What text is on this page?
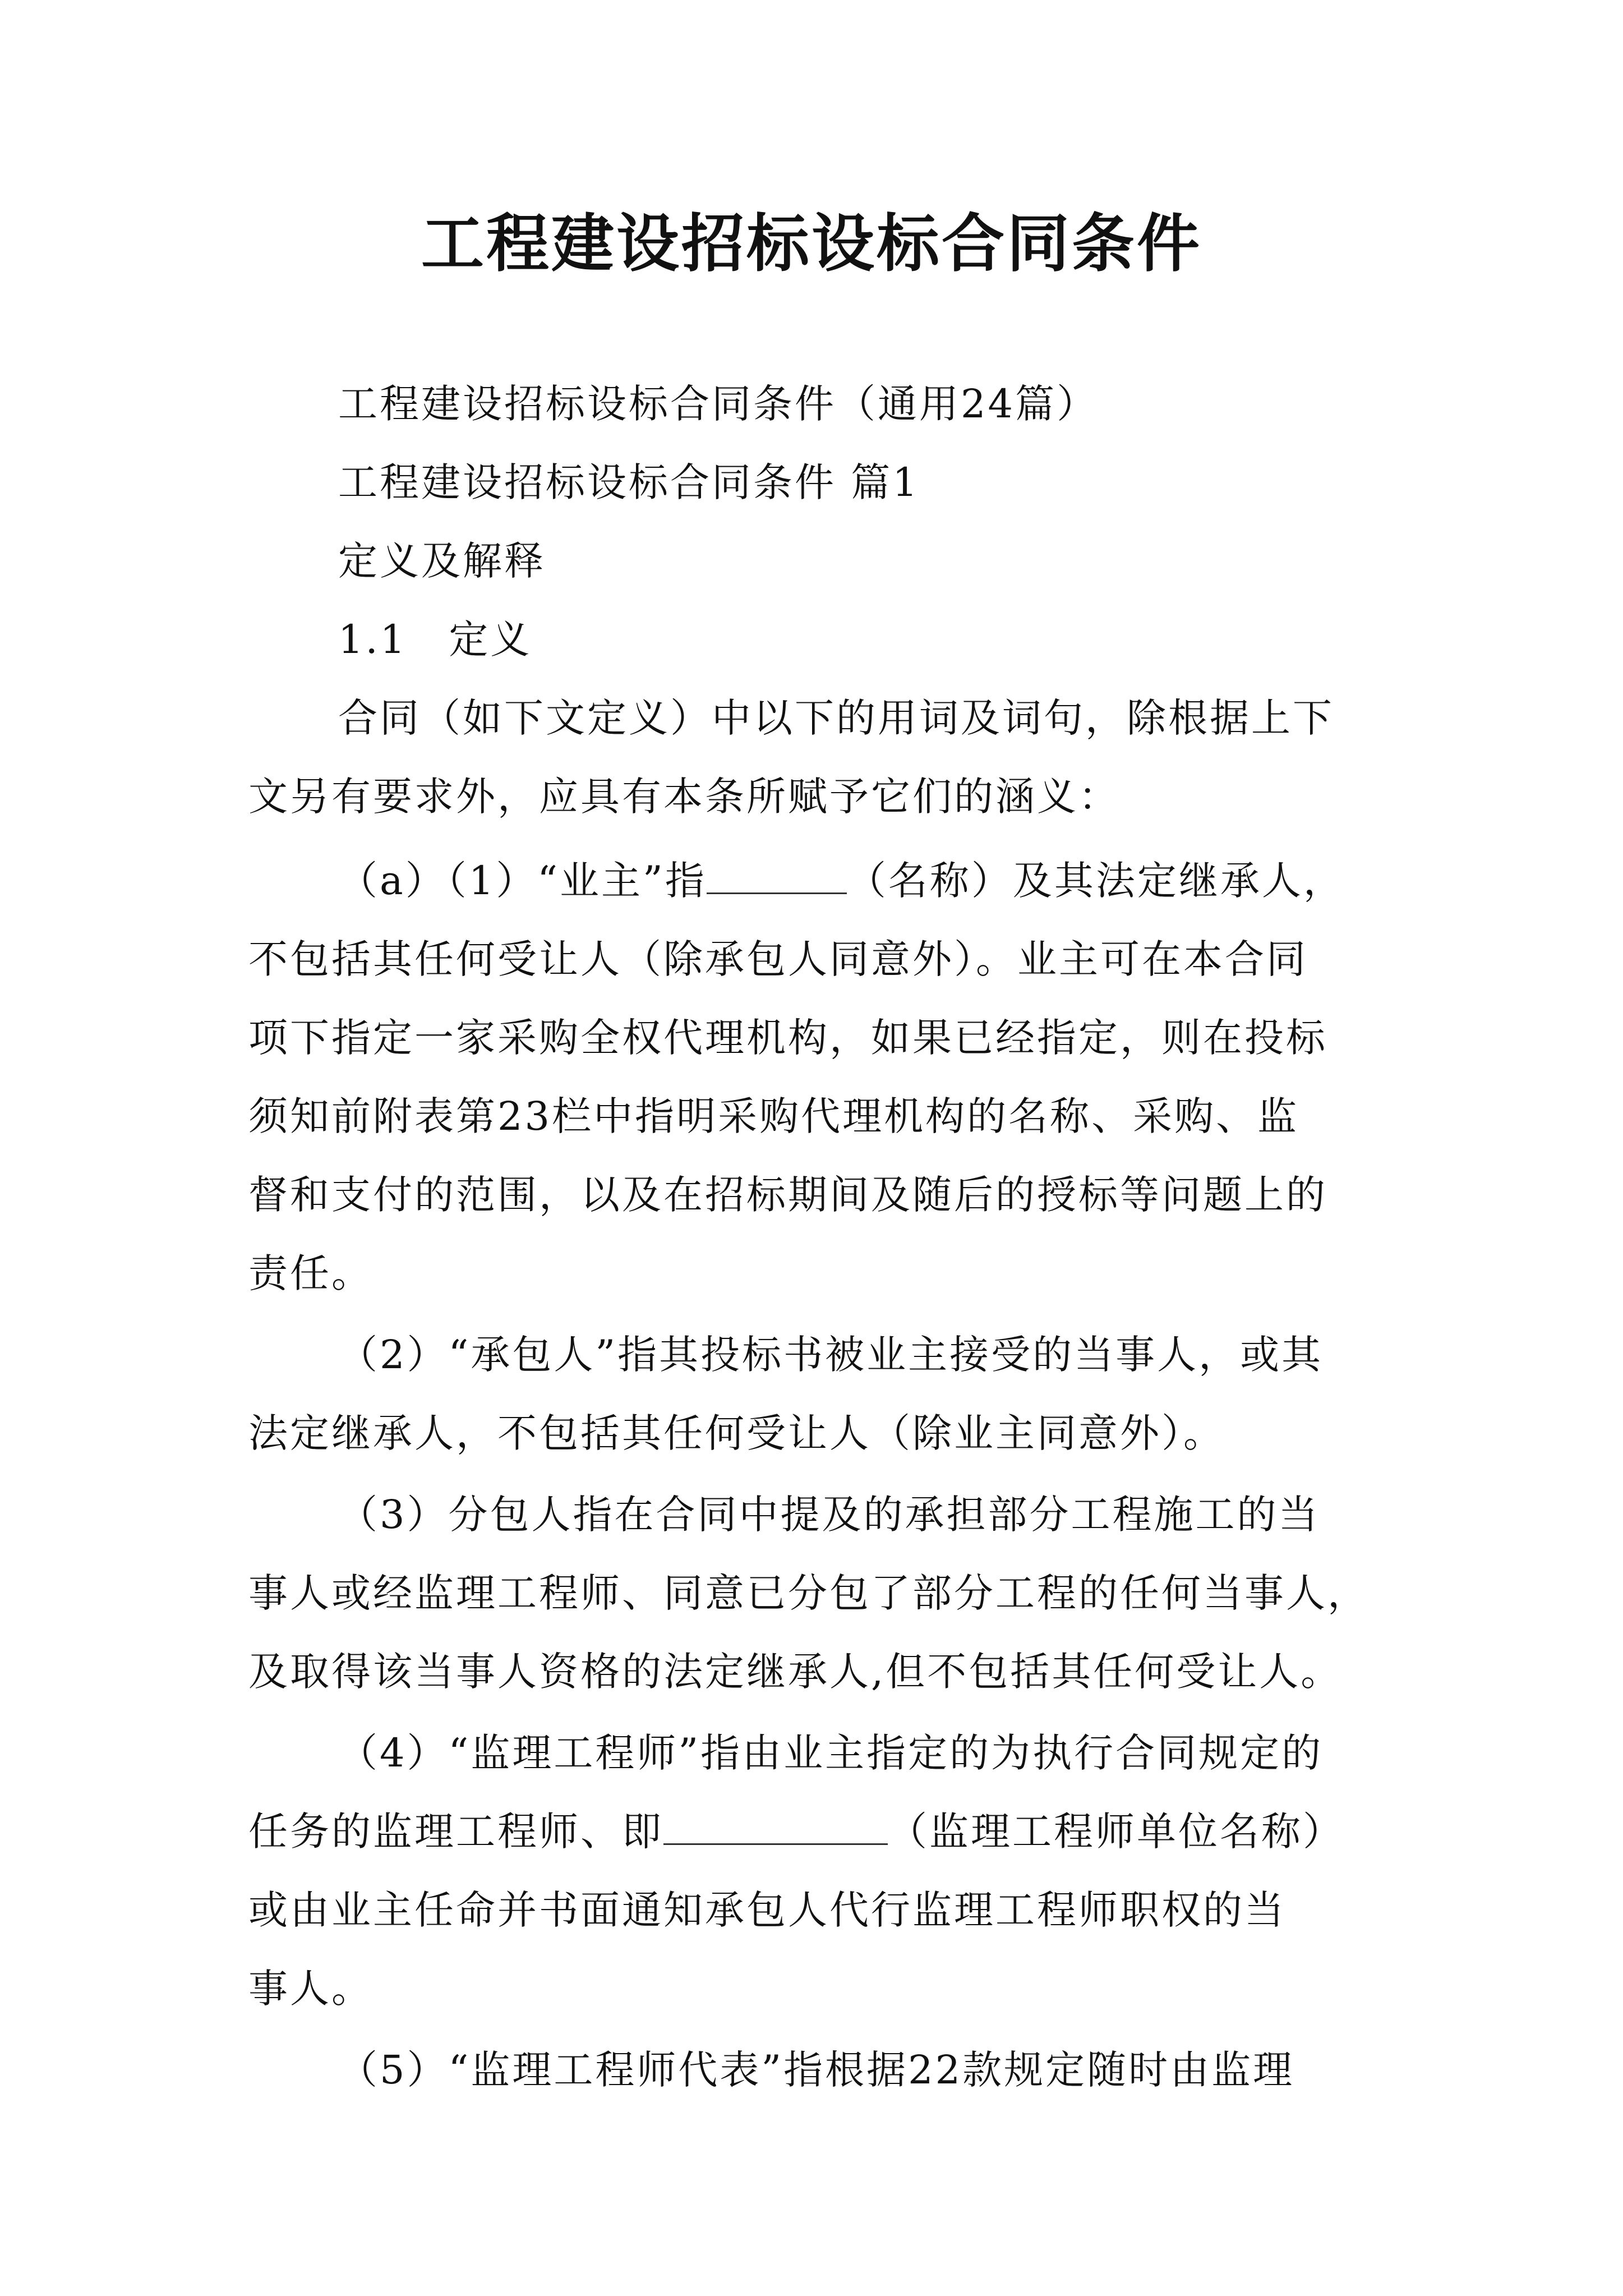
工程建设招标设标合同条件
工程建设招标设标合同条件（通用24篇）
工程建设招标设标合同条件 篇1
定义及解释
1.1　定义
合同（如下文定义）中以下的用词及词句，除根据上下
文另有要求外，应具有本条所赋予它们的涵义：
（a）（1）“业主”指	（名称）及其法定继承人，
不包括其任何受让人（除承包人同意外）。业主可在本合同
项下指定一家采购全权代理机构，如果已经指定，则在投标
须知前附表第23栏中指明采购代理机构的名称、采购、监
督和支付的范围，以及在招标期间及随后的授标等问题上的
责任。
（2）“承包人”指其投标书被业主接受的当事人，或其
法定继承人，不包括其任何受让人（除业主同意外）。
（3）分包人指在合同中提及的承担部分工程施工的当
事人或经监理工程师、同意已分包了部分工程的任何当事人，
及取得该当事人资格的法定继承人,但不包括其任何受让人。
（4）“监理工程师”指由业主指定的为执行合同规定的
任务的监理工程师、即	（监理工程师单位名称）
或由业主任命并书面通知承包人代行监理工程师职权的当
事人。
（5）“监理工程师代表”指根据22款规定随时由监理
